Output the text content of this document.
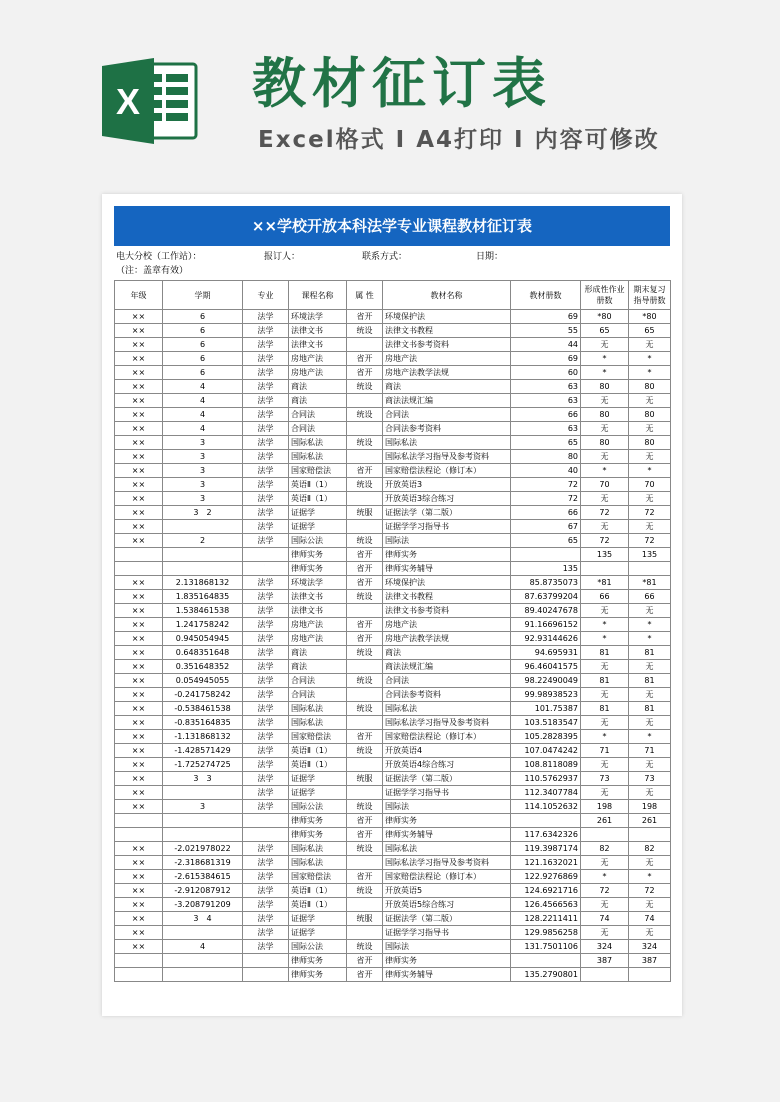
X 教材征订表
Excel格式 Ⅰ A4打印 Ⅰ 内容可修改
××学校开放本科法学专业课程教材征订表
电大分校（工作站）：	报订人：	联系方式：	日期：
（注：盖章有效）
年级	学期	专业	课程名称	属 性	教材名称	教材册数	形成性作业册数	期末复习指导册数
××	6	法学	环境法学	省开	环境保护法	69	*80	*80
××	6	法学	法律文书	统设	法律文书教程	55	65	65
××	6	法学	法律文书		法律文书参考资料	44	无	无
××	6	法学	房地产法	省开	房地产法	69	*	*
××	6	法学	房地产法	省开	房地产法教学法规	60	*	*
××	4	法学	商法	统设	商法	63	80	80
××	4	法学	商法		商法法规汇编	63	无	无
××	4	法学	合同法	统设	合同法	66	80	80
××	4	法学	合同法		合同法参考资料	63	无	无
××	3	法学	国际私法	统设	国际私法	65	80	80
××	3	法学	国际私法		国际私法学习指导及参考资料	80	无	无
××	3	法学	国家赔偿法	省开	国家赔偿法程论（修订本）	40	*	*
××	3	法学	英语Ⅱ（1）	统设	开放英语3	72	70	70
××	3	法学	英语Ⅱ（1）		开放英语3综合练习	72	无	无
××	3　2	法学	证据学	统服	证据法学（第二版）	66	72	72
××		法学	证据学		证据学学习指导书	67	无	无
××	2	法学	国际公法	统设	国际法	65	72	72
			律师实务	省开	律师实务		135	135
			律师实务	省开	律师实务辅导	135		
××	2.131868132	法学	环境法学	省开	环境保护法	85.8735073	*81	*81
××	1.835164835	法学	法律文书	统设	法律文书教程	87.63799204	66	66
××	1.538461538	法学	法律文书		法律文书参考资料	89.40247678	无	无
××	1.241758242	法学	房地产法	省开	房地产法	91.16696152	*	*
××	0.945054945	法学	房地产法	省开	房地产法教学法规	92.93144626	*	*
××	0.648351648	法学	商法	统设	商法	94.695931	81	81
××	0.351648352	法学	商法		商法法规汇编	96.46041575	无	无
××	0.054945055	法学	合同法	统设	合同法	98.22490049	81	81
××	-0.241758242	法学	合同法		合同法参考资料	99.98938523	无	无
××	-0.538461538	法学	国际私法	统设	国际私法	101.75387	81	81
××	-0.835164835	法学	国际私法		国际私法学习指导及参考资料	103.5183547	无	无
××	-1.131868132	法学	国家赔偿法	省开	国家赔偿法程论（修订本）	105.2828395	*	*
××	-1.428571429	法学	英语Ⅱ（1）	统设	开放英语4	107.0474242	71	71
××	-1.725274725	法学	英语Ⅱ（1）		开放英语4综合练习	108.8118089	无	无
××	3　3	法学	证据学	统服	证据法学（第二版）	110.5762937	73	73
××		法学	证据学		证据学学习指导书	112.3407784	无	无
××	3	法学	国际公法	统设	国际法	114.1052632	198	198
			律师实务	省开	律师实务		261	261
			律师实务	省开	律师实务辅导	117.6342326		
××	-2.021978022	法学	国际私法	统设	国际私法	119.3987174	82	82
××	-2.318681319	法学	国际私法		国际私法学习指导及参考资料	121.1632021	无	无
××	-2.615384615	法学	国家赔偿法	省开	国家赔偿法程论（修订本）	122.9276869	*	*
××	-2.912087912	法学	英语Ⅱ（1）	统设	开放英语5	124.6921716	72	72
××	-3.208791209	法学	英语Ⅱ（1）		开放英语5综合练习	126.4566563	无	无
××	3　4	法学	证据学	统服	证据法学（第二版）	128.2211411	74	74
××		法学	证据学		证据学学习指导书	129.9856258	无	无
××	4	法学	国际公法	统设	国际法	131.7501106	324	324
			律师实务	省开	律师实务		387	387
			律师实务	省开	律师实务辅导	135.2790801		
